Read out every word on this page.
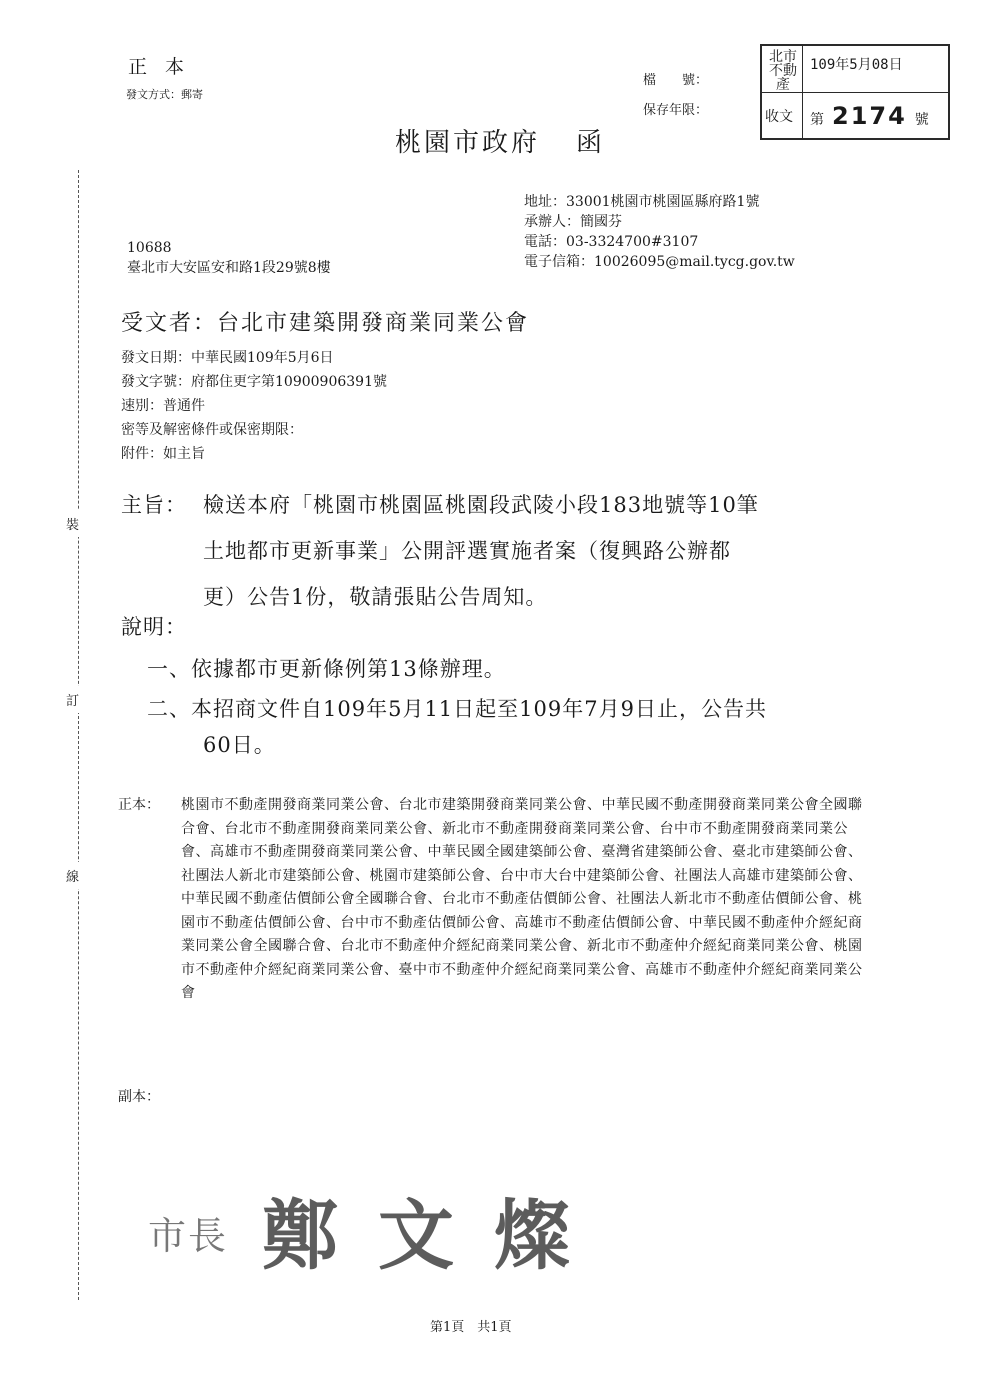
裝
訂
線
正本
發文方式：郵寄
檔　　號：
保存年限：
北市不動產
收文
109年5月08日
第 2174 號
桃園市政府 函
地址：33001桃園市桃園區縣府路1號
承辦人：簡國芬
電話：03-3324700#3107
電子信箱：10026095@mail.tycg.gov.tw
10688
臺北市大安區安和路1段29號8樓
受文者：台北市建築開發商業同業公會
發文日期：中華民國109年5月6日
發文字號：府都住更字第10900906391號
速別：普通件
密等及解密條件或保密期限：
附件：如主旨
主旨： 檢送本府「桃園市桃園區桃園段武陵小段183地號等10筆
土地都市更新事業」公開評選實施者案（復興路公辦都
更）公告1份，敬請張貼公告周知。
說明：
一、依據都市更新條例第13條辦理。
二、本招商文件自109年5月11日起至109年7月9日止，公告共
60日。
正本： 桃園市不動產開發商業同業公會、台北市建築開發商業同業公會、中華民國不動產開發商業同業公會全國聯合會、台北市不動產開發商業同業公會、新北市不動產開發商業同業公會、台中市不動產開發商業同業公會、高雄市不動產開發商業同業公會、中華民國全國建築師公會、臺灣省建築師公會、臺北市建築師公會、社團法人新北市建築師公會、桃園市建築師公會、台中市大台中建築師公會、社團法人高雄市建築師公會、中華民國不動產估價師公會全國聯合會、台北市不動產估價師公會、社團法人新北市不動產估價師公會、桃園市不動產估價師公會、台中市不動產估價師公會、高雄市不動產估價師公會、中華民國不動產仲介經紀商業同業公會全國聯合會、台北市不動產仲介經紀商業同業公會、新北市不動產仲介經紀商業同業公會、桃園市不動產仲介經紀商業同業公會、臺中市不動產仲介經紀商業同業公會、高雄市不動產仲介經紀商業同業公會
副本：
市長 鄭文燦
第1頁　共1頁
